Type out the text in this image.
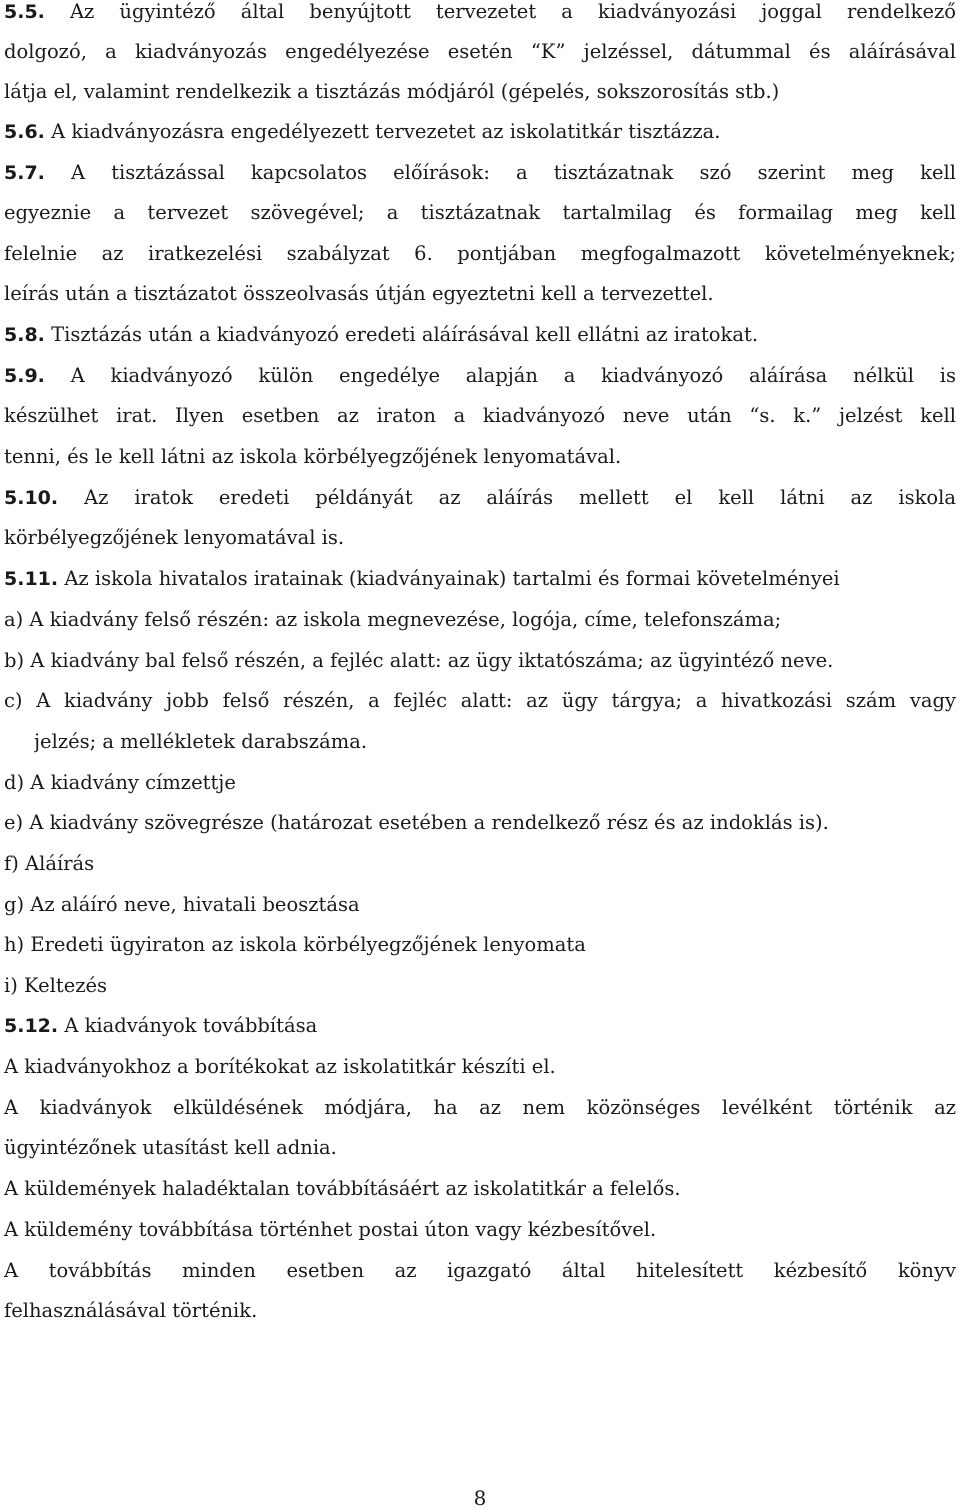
5.5. Az ügyintéző által benyújtott tervezetet a kiadványozási joggal rendelkező
dolgozó, a kiadványozás engedélyezése esetén “K” jelzéssel, dátummal és aláírásával
látja el, valamint rendelkezik a tisztázás módjáról (gépelés, sokszorosítás stb.)
5.6. A kiadványozásra engedélyezett tervezetet az iskolatitkár tisztázza.
5.7. A tisztázással kapcsolatos előírások: a tisztázatnak szó szerint meg kell
egyeznie a tervezet szövegével; a tisztázatnak tartalmilag és formailag meg kell
felelnie az iratkezelési szabályzat 6. pontjában megfogalmazott követelményeknek;
leírás után a tisztázatot összeolvasás útján egyeztetni kell a tervezettel.
5.8. Tisztázás után a kiadványozó eredeti aláírásával kell ellátni az iratokat.
5.9. A kiadványozó külön engedélye alapján a kiadványozó aláírása nélkül is
készülhet irat. Ilyen esetben az iraton a kiadványozó neve után “s. k.” jelzést kell
tenni, és le kell látni az iskola körbélyegzőjének lenyomatával.
5.10. Az iratok eredeti példányát az aláírás mellett el kell látni az iskola
körbélyegzőjének lenyomatával is.
5.11. Az iskola hivatalos iratainak (kiadványainak) tartalmi és formai követelményei
a) A kiadvány felső részén: az iskola megnevezése, logója, címe, telefonszáma;
b) A kiadvány bal felső részén, a fejléc alatt: az ügy iktatószáma; az ügyintéző neve.
c) A kiadvány jobb felső részén, a fejléc alatt: az ügy tárgya; a hivatkozási szám vagy
jelzés; a mellékletek darabszáma.
d) A kiadvány címzettje
e) A kiadvány szövegrésze (határozat esetében a rendelkező rész és az indoklás is).
f) Aláírás
g) Az aláíró neve, hivatali beosztása
h) Eredeti ügyiraton az iskola körbélyegzőjének lenyomata
i) Keltezés
5.12. A kiadványok továbbítása
A kiadványokhoz a borítékokat az iskolatitkár készíti el.
A kiadványok elküldésének módjára, ha az nem közönséges levélként történik az
ügyintézőnek utasítást kell adnia.
A küldemények haladéktalan továbbításáért az iskolatitkár a felelős.
A küldemény továbbítása történhet postai úton vagy kézbesítővel.
A továbbítás minden esetben az igazgató által hitelesített kézbesítő könyv
felhasználásával történik.
8
